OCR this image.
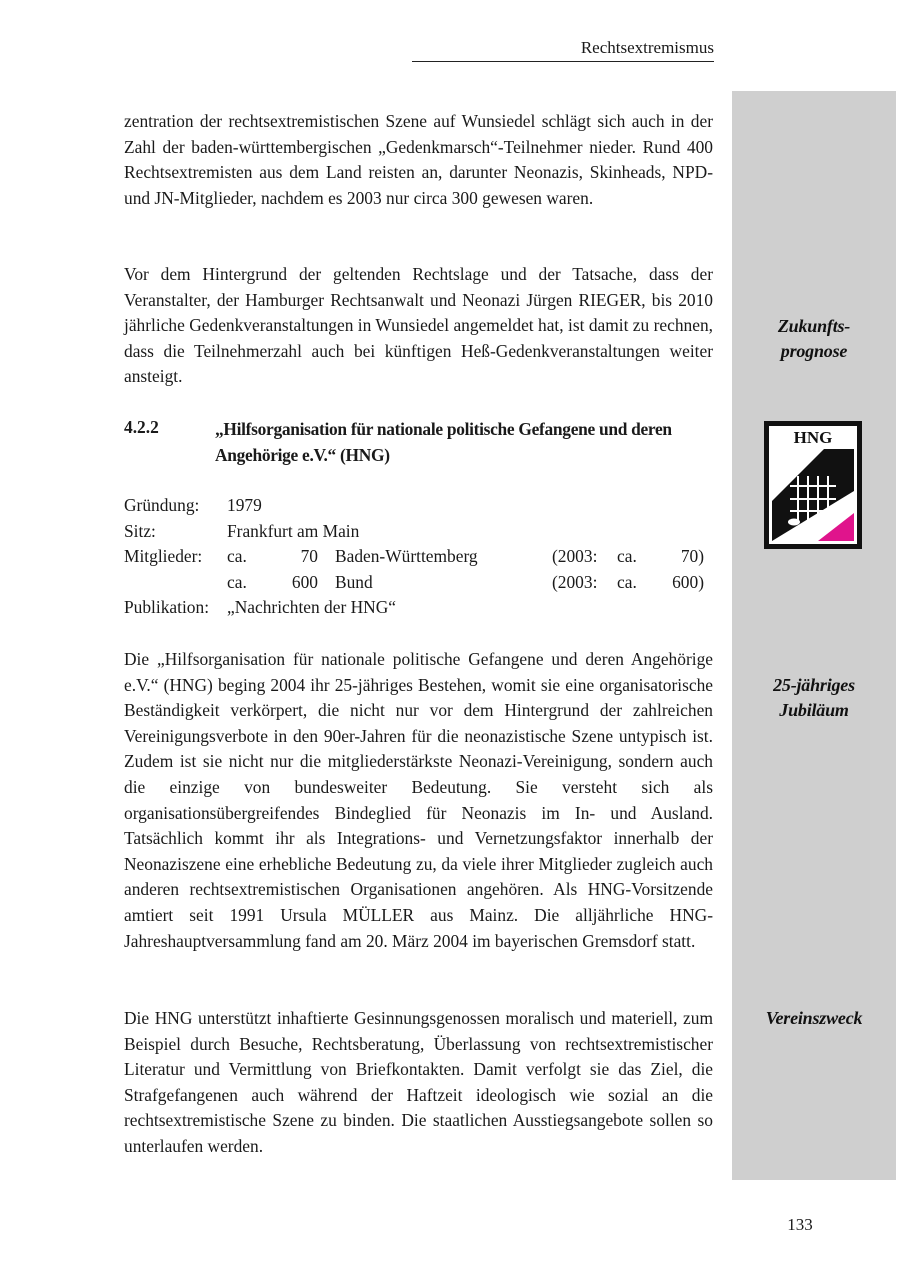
Rechtsextremismus
Zukunfts-
prognose
HNG
25-jähriges
Jubiläum
Vereinszweck

zentration der rechtsextremistischen Szene auf Wunsiedel schlägt sich auch in der Zahl der baden-württembergischen „Gedenkmarsch“-Teilnehmer nieder. Rund 400 Rechtsextremisten aus dem Land reisten an, darunter Neonazis, Skinheads, NPD- und JN-Mitglieder, nachdem es 2003 nur circa 300 gewesen waren.

Vor dem Hintergrund der geltenden Rechtslage und der Tatsache, dass der Veranstalter, der Hamburger Rechtsanwalt und Neonazi Jürgen RIEGER, bis 2010 jährliche Gedenkveranstaltungen in Wunsiedel angemeldet hat, ist damit zu rechnen, dass die Teilnehmerzahl auch bei künftigen Heß-Gedenkveranstaltungen weiter ansteigt.

4.2.2	„Hilfsorganisation für nationale politische Gefangene und deren Angehörige e.V.“ (HNG)
Gründung: 1979
Sitz:	Frankfurt am Main
Mitglieder: ca.	70 Baden-Württemberg	(2003: ca.	70)
ca.	600 Bund	(2003: ca.	600)
Publikation: „Nachrichten der HNG“

Die „Hilfsorganisation für nationale politische Gefangene und deren Angehörige e.V.“ (HNG) beging 2004 ihr 25-jähriges Bestehen, womit sie eine organisatorische Beständigkeit verkörpert, die nicht nur vor dem Hintergrund der zahlreichen Vereinigungsverbote in den 90er-Jahren für die neonazistische Szene untypisch ist. Zudem ist sie nicht nur die mitgliederstärkste Neonazi-Vereinigung, sondern auch die einzige von bundesweiter Bedeutung. Sie versteht sich als organisationsübergreifendes Bindeglied für Neonazis im In- und Ausland. Tatsächlich kommt ihr als Integrations- und Vernetzungsfaktor innerhalb der Neonaziszene eine erhebliche Bedeutung zu, da viele ihrer Mitglieder zugleich auch anderen rechtsextremistischen Organisationen angehören. Als HNG-Vorsitzende amtiert seit 1991 Ursula MÜLLER aus Mainz. Die alljährliche HNG-Jahreshauptversammlung fand am 20. März 2004 im bayerischen Gremsdorf statt.

Die HNG unterstützt inhaftierte Gesinnungsgenossen moralisch und materiell, zum Beispiel durch Besuche, Rechtsberatung, Überlassung von rechtsextremistischer Literatur und Vermittlung von Briefkontakten. Damit verfolgt sie das Ziel, die Strafgefangenen auch während der Haftzeit ideologisch wie sozial an die rechtsextremistische Szene zu binden. Die staatlichen Ausstiegsangebote sollen so unterlaufen werden.

133
